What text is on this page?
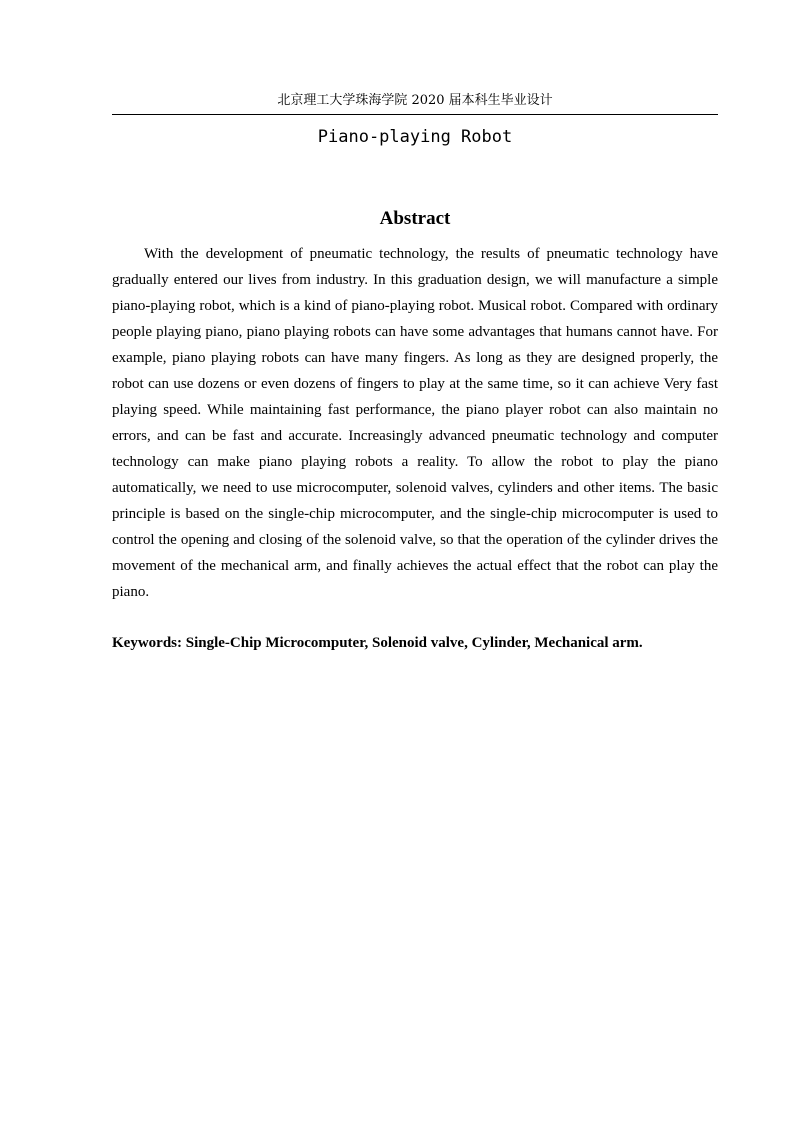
北京理工大学珠海学院 2020 届本科生毕业设计
Piano-playing Robot
Abstract

With the development of pneumatic technology, the results of pneumatic technology have gradually entered our lives from industry. In this graduation design, we will manufacture a simple piano-playing robot, which is a kind of piano-playing robot. Musical robot. Compared with ordinary people playing piano, piano playing robots can have some advantages that humans cannot have. For example, piano playing robots can have many fingers. As long as they are designed properly, the robot can use dozens or even dozens of fingers to play at the same time, so it can achieve Very fast playing speed. While maintaining fast performance, the piano player robot can also maintain no errors, and can be fast and accurate. Increasingly advanced pneumatic technology and computer technology can make piano playing robots a reality. To allow the robot to play the piano automatically, we need to use microcomputer, solenoid valves, cylinders and other items. The basic principle is based on the single-chip microcomputer, and the single-chip microcomputer is used to control the opening and closing of the solenoid valve, so that the operation of the cylinder drives the movement of the mechanical arm, and finally achieves the actual effect that the robot can play the piano.

Keywords: Single-Chip Microcomputer, Solenoid valve, Cylinder, Mechanical arm.
